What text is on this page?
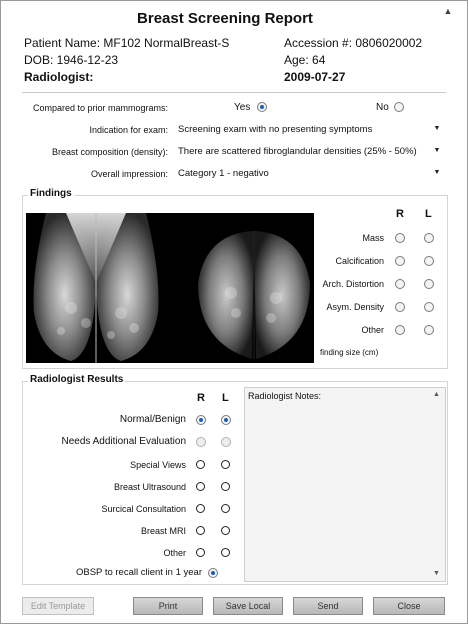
Breast Screening Report	▲
Patient Name: MF102 NormalBreast-S
DOB: 1946-12-23
Radiologist:
Accession #: 0806020002
Age: 64
2009-07-27
Compared to prior mammograms:	Yes	No
Indication for exam: Screening exam with no presenting symptoms	▼
Breast composition (density): There are scattered fibroglandular densities (25% - 50%) ▼
Overall impression: Category 1 - negativo	▼
Findings
R L
Mass
Calcification
Arch. Distortion
Asym. Density
Other
finding size (cm)
Radiologist Results
R L
Normal/Benign
Needs Additional Evaluation
Special Views
Breast Ultrasound
Surcical Consultation
Breast MRI
Other
OBSP to recall client in 1 year
Radiologist Notes:	▲
▼
Edit Template	Print	Save Local	Send	Close
